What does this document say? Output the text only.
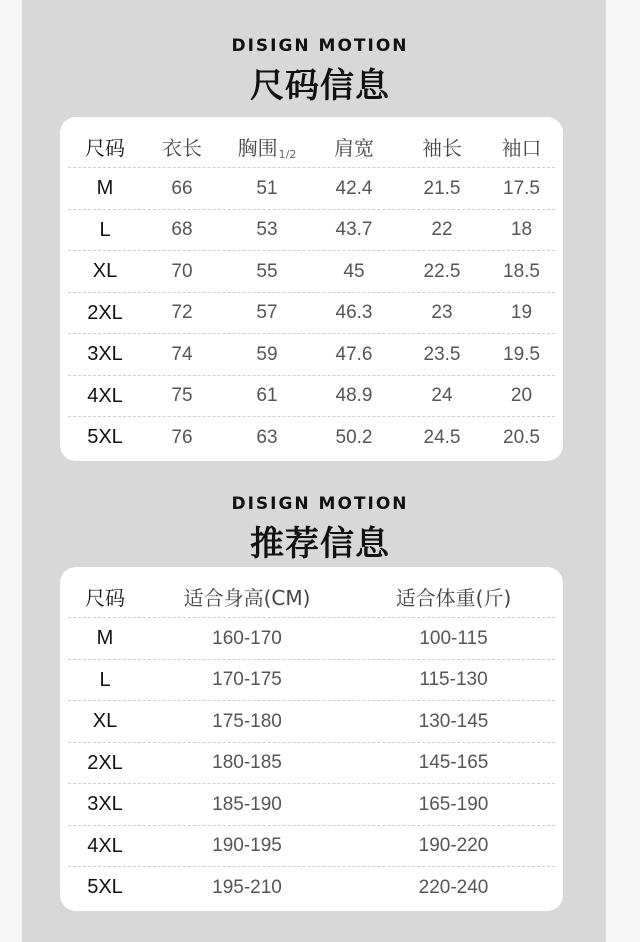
DISIGN MOTION
尺码信息
尺码	衣长	胸围$_{1/2}$	肩宽	袖长	袖口
M	66	51	42.4	21.5	17.5
L	68	53	43.7	22	18
XL	70	55	45	22.5	18.5
2XL	72	57	46.3	23	19
3XL	74	59	47.6	23.5	19.5
4XL	75	61	48.9	24	20
5XL	76	63	50.2	24.5	20.5
DISIGN MOTION
推荐信息
尺码	适合身高(CM)	适合体重(斤)
M	160-170	100-115
L	170-175	115-130
XL	175-180	130-145
2XL	180-185	145-165
3XL	185-190	165-190
4XL	190-195	190-220
5XL	195-210	220-240
